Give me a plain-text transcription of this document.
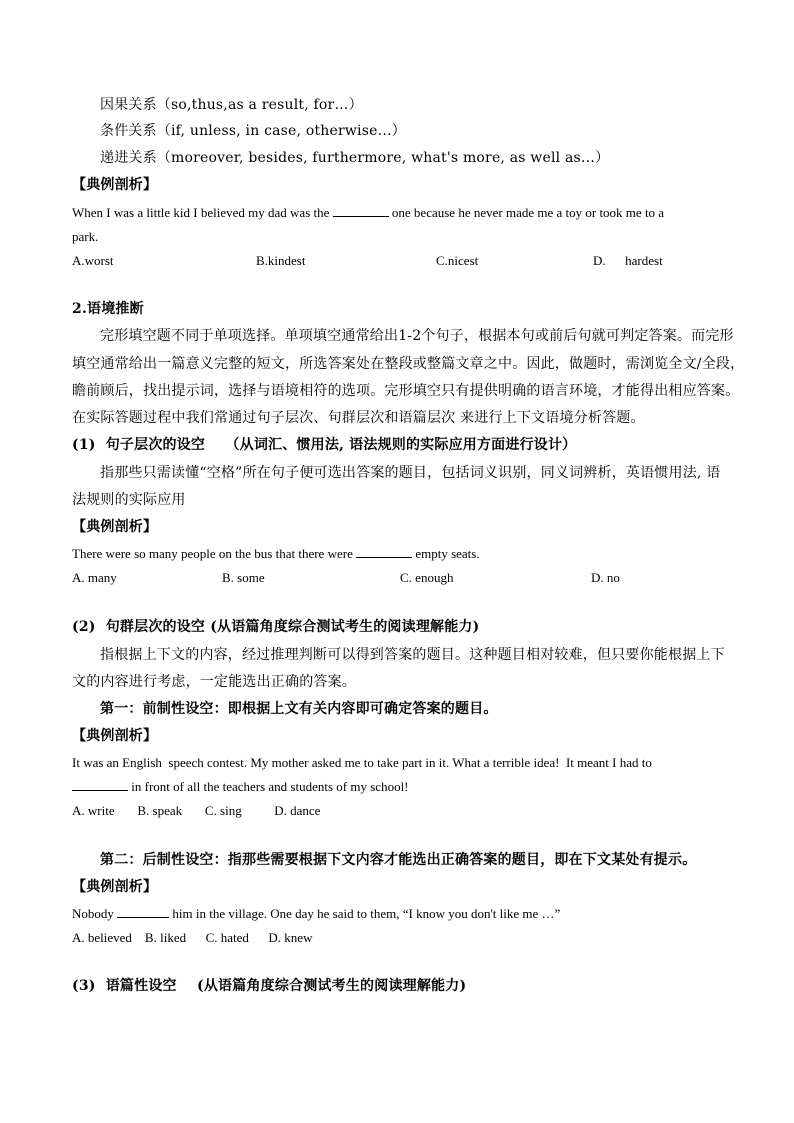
因果关系（so,thus,as a result, for…）
条件关系（if, unless, in case, otherwise…）
递进关系（moreover, besides, furthermore, what's more, as well as…）
【典例剖析】
When I was a little kid I believed my dad was the	one because he never made me a toy or took me to a
park.
A.worst	B.kindest	C.nicest	D.      hardest
2.语境推断
完形填空题不同于单项选择。单项填空通常给出1-2个句子，根据本句或前后句就可判定答案。而完形
填空通常给出一篇意义完整的短文，所选答案处在整段或整篇文章之中。因此，做题时，需浏览全文/全段，
瞻前顾后，找出提示词，选择与语境相符的选项。完形填空只有提供明确的语言环境，才能得出相应答案。
在实际答题过程中我们常通过句子层次、句群层次和语篇层次 来进行上下文语境分析答题。
(1)  句子层次的设空    （从词汇、惯用法, 语法规则的实际应用方面进行设计）
指那些只需读懂“空格”所在句子便可选出答案的题目，包括词义识别，同义词辨析，英语惯用法, 语
法规则的实际应用
【典例剖析】
There were so many people on the bus that there were	empty seats.
A. many	B. some	C. enough	D. no
(2)  句群层次的设空 (从语篇角度综合测试考生的阅读理解能力)
指根据上下文的内容，经过推理判断可以得到答案的题目。这种题目相对较难，但只要你能根据上下
文的内容进行考虑，一定能选出正确的答案。
第一：前制性设空：即根据上文有关内容即可确定答案的题目。
【典例剖析】
It was an English  speech contest. My mother asked me to take part in it. What a terrible idea!  It meant I had to
in front of all the teachers and students of my school!
A. write       B. speak       C. sing          D. dance
第二：后制性设空：指那些需要根据下文内容才能选出正确答案的题目，即在下文某处有提示。
【典例剖析】
Nobody	him in the village. One day he said to them, “I know you don't like me …”
A. believed    B. liked      C. hated      D. knew
(3)  语篇性设空    (从语篇角度综合测试考生的阅读理解能力)
